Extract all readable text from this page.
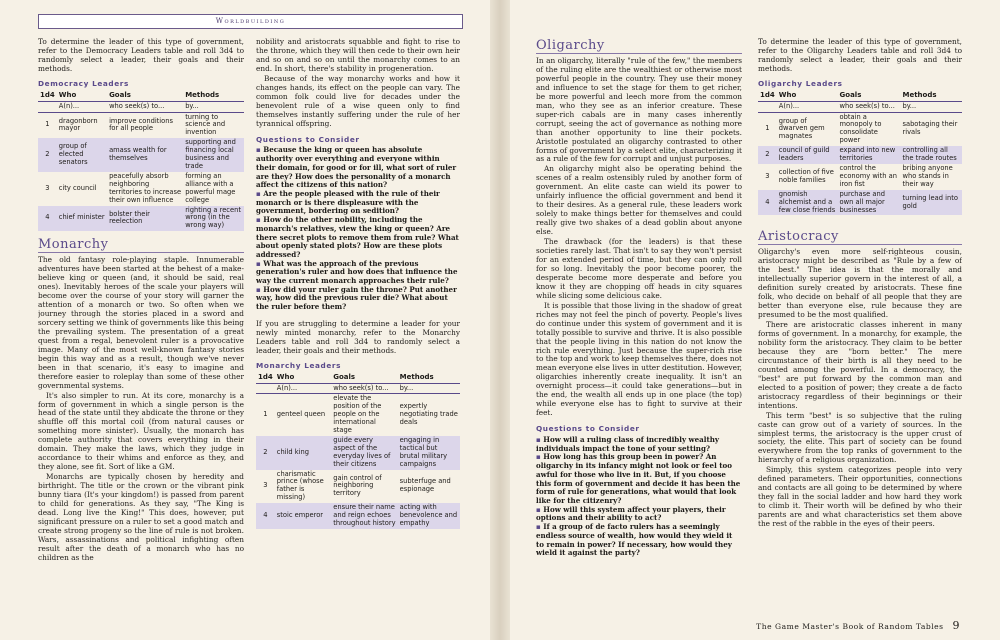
Worldbuilding

To determine the leader of this type of government, refer to the Democracy Leaders table and roll 3d4 to randomly select a leader, their goals and their methods.

Democracy Leaders
1d4	Who	Goals	Methods
	A(n)...	who seek(s) to...	by...
1	dragonborn mayor	improve conditions for all people	turning to science and invention
2	group of elected senators	amass wealth for themselves	supporting and financing local business and trade
3	city council	peacefully absorb neighboring territories to increase their own influence	forming an alliance with a powerful mage college
4	chief minister	bolster their reelection	righting a recent wrong (in the wrong way)
Monarchy

The old fantasy role-playing staple. Innumerable adventures have been started at the behest of a make-believe king or queen (and, it should be said, real ones). Inevitably heroes of the scale your players will become over the course of your story will garner the attention of a monarch or two. So often when we journey through the stories placed in a sword and sorcery setting we think of governments like this being the prevailing system. The presentation of a great quest from a regal, benevolent ruler is a provocative image. Many of the most well-known fantasy stories begin this way and as a result, though we've never been in that scenario, it's easy to imagine and therefore easier to roleplay than some of these other governmental systems.

It's also simpler to run. At its core, monarchy is a form of government in which a single person is the head of the state until they abdicate the throne or they shuffle off this mortal coil (from natural causes or something more sinister). Usually, the monarch has complete authority that covers everything in their domain. They make the laws, which they judge in accordance to their whims and enforce as they, and they alone, see fit. Sort of like a GM.

Monarchs are typically chosen by heredity and birthright. The title or the crown or the vibrant pink bunny tiara (It's your kingdom!) is passed from parent to child for generations. As they say, "The King is dead. Long live the King!" This does, however, put significant pressure on a ruler to set a good match and create strong progeny so the line of rule is not broken. Wars, assassinations and political infighting often result after the death of a monarch who has no children as the

nobility and aristocrats squabble and fight to rise to the throne, which they will then cede to their own heir and so on and so on until the monarchy comes to an end. In short, there's stability in progeneration.

Because of the way monarchy works and how it changes hands, its effect on the people can vary. The common folk could live for decades under the benevolent rule of a wise queen only to find themselves instantly suffering under the rule of her tyrannical offspring.

Questions to Consider

▪ Because the king or queen has absolute authority over everything and everyone within their domain, for good or for ill, what sort of ruler are they? How does the personality of a monarch affect the citizens of this nation?

▪ Are the people pleased with the rule of their monarch or is there displeasure with the government, bordering on sedition?

▪ How do the other nobility, including the monarch's relatives, view the king or queen? Are there secret plots to remove them from rule? What about openly stated plots? How are these plots addressed?

▪ What was the approach of the previous generation's ruler and how does that influence the way the current monarch approaches their rule?

▪ How did your ruler gain the throne? Put another way, how did the previous ruler die? What about the ruler before them?

If you are struggling to determine a leader for your newly minted monarchy, refer to the Monarchy Leaders table and roll 3d4 to randomly select a leader, their goals and their methods.

Monarchy Leaders
1d4	Who	Goals	Methods
	A(n)...	who seek(s) to...	by...
1	genteel queen	elevate the position of the people on the international stage	expertly negotiating trade deals
2	child king	guide every aspect of the everyday lives of their citizens	engaging in tactical but brutal military campaigns
3	charismatic prince (whose father is missing)	gain control of neighboring territory	subterfuge and espionage
4	stoic emperor	ensure their name and reign echoes throughout history	acting with benevolence and empathy
Oligarchy

In an oligarchy, literally "rule of the few," the members of the ruling elite are the wealthiest or otherwise most powerful people in the country. They use their money and influence to set the stage for them to get richer, be more powerful and leech more from the common man, who they see as an inferior creature. These super-rich cabals are in many cases inherently corrupt, seeing the act of governance as nothing more than another opportunity to line their pockets. Aristotle postulated an oligarchy contrasted to other forms of government by a select elite, characterizing it as a rule of the few for corrupt and unjust purposes.

An oligarchy might also be operating behind the scenes of a realm ostensibly ruled by another form of government. An elite caste can wield its power to unfairly influence the official government and bend it to their desires. As a general rule, these leaders work solely to make things better for themselves and could really give two shakes of a dead goblin about anyone else.

The drawback (for the leaders) is that these societies rarely last. That isn't to say they won't persist for an extended period of time, but they can only roll for so long. Inevitably the poor become poorer, the desperate become more desperate and before you know it they are chopping off heads in city squares while slicing some delicious cake.

It is possible that those living in the shadow of great riches may not feel the pinch of poverty. People's lives do continue under this system of government and it is totally possible to survive and thrive. It is also possible that the people living in this nation do not know the rich rule everything. Just because the super-rich rise to the top and work to keep themselves there, does not mean everyone else lives in utter destitution. However, oligarchies inherently create inequality. It isn't an overnight process—it could take generations—but in the end, the wealth all ends up in one place (the top) while everyone else has to fight to survive at their feet.

Questions to Consider

▪ How will a ruling class of incredibly wealthy individuals impact the tone of your setting?

▪ How long has this group been in power? An oligarchy in its infancy might not look or feel too awful for those who live in it. But, if you choose this form of government and decide it has been the form of rule for generations, what would that look like for the citizenry?

▪ How will this system affect your players, their options and their ability to act?

▪ If a group of de facto rulers has a seemingly endless source of wealth, how would they wield it to remain in power? If necessary, how would they wield it against the party?

To determine the leader of this type of government, refer to the Oligarchy Leaders table and roll 3d4 to randomly select a leader, their goals and their methods.

Oligarchy Leaders
1d4	Who	Goals	Methods
	A(n)...	who seek(s) to...	by...
1	group of dwarven gem magnates	obtain a monopoly to consolidate power	sabotaging their rivals
2	council of guild leaders	expand into new territories	controlling all the trade routes
3	collection of five noble families	control the economy with an iron fist	bribing anyone who stands in their way
4	gnomish alchemist and a few close friends	purchase and own all major businesses	turning lead into gold
Aristocracy

Oligarchy's even more self-righteous cousin, aristocracy might be described as "Rule by a few of the best." The idea is that the morally and intellectually superior govern in the interest of all, a definition surely created by aristocrats. These fine folk, who decide on behalf of all people that they are better than everyone else, rule because they are presumed to be the most qualified.

There are aristocratic classes inherent in many forms of government. In a monarchy, for example, the nobility form the aristocracy. They claim to be better because they are "born better." The mere circumstance of their birth is all they need to be counted among the powerful. In a democracy, the "best" are put forward by the common man and elected to a position of power; they create a de facto aristocracy regardless of their beginnings or their intentions.

This term "best" is so subjective that the ruling caste can grow out of a variety of sources. In the simplest terms, the aristocracy is the upper crust of society, the elite. This part of society can be found everywhere from the top ranks of government to the hierarchy of a religious organization.

Simply, this system categorizes people into very defined parameters. Their opportunities, connections and contacts are all going to be determined by where they fall in the social ladder and how hard they work to climb it. Their worth will be defined by who their parents are and what characteristics set them above the rest of the rabble in the eyes of their peers.

The Game Master's Book of Random Tables 9
